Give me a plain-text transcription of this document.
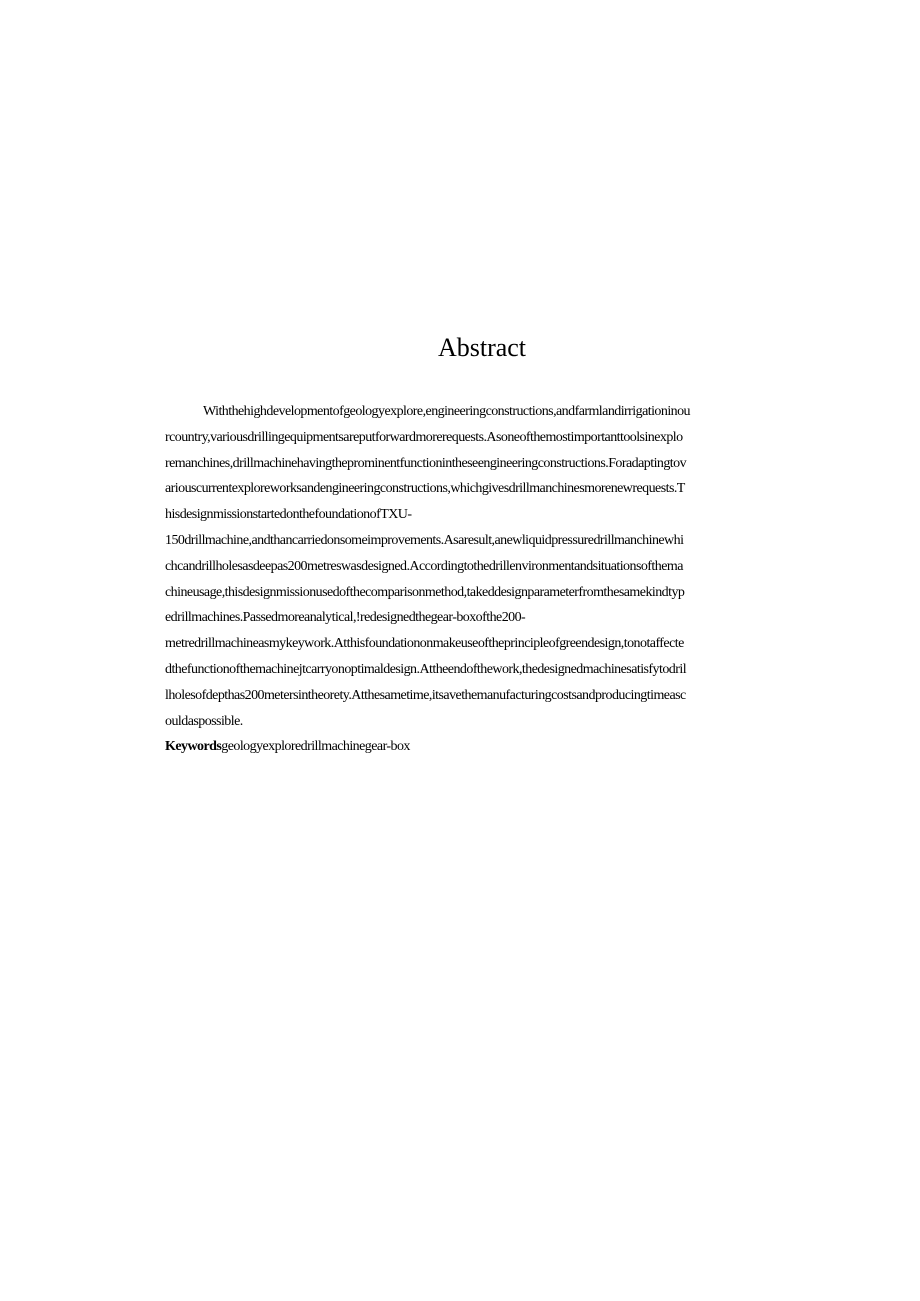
Abstract
Withthehighdevelopmentofgeologyexplore,engineeringconstructions,andfarmlandirrigationinou
rcountry,variousdrillingequipmentsareputforwardmorerequests.Asoneofthemostimportanttoolsinexplo
remanchines,drillmachinehavingtheprominentfunctionintheseengineeringconstructions.Foradaptingtov
ariouscurrentexploreworksandengineeringconstructions,whichgivesdrillmanchinesmorenewrequests.T
hisdesignmissionstartedonthefoundationofTXU-
150drillmachine,andthancarriedonsomeimprovements.Asaresult,anewliquidpressuredrillmanchinewhi
chcandrillholesasdeepas200metreswasdesigned.Accordingtothedrillenvironmentandsituationsofthema
chineusage,thisdesignmissionusedofthecomparisonmethod,takeddesignparameterfromthesamekindtyp
edrillmachines.Passedmoreanalytical,!redesignedthegear-boxofthe200-
metredrillmachineasmykeywork.Atthisfoundationonmakeuseoftheprincipleofgreendesign,tonotaffecte
dthefunctionofthemachinejtcarryonoptimaldesign.Attheendofthework,thedesignedmachinesatisfytodril
lholesofdepthas200metersintheorety.Atthesametime,itsavethemanufacturingcostsandproducingtimeasc
ouldaspossible.
Keywordsgeologyexploredrillmachinegear-box
